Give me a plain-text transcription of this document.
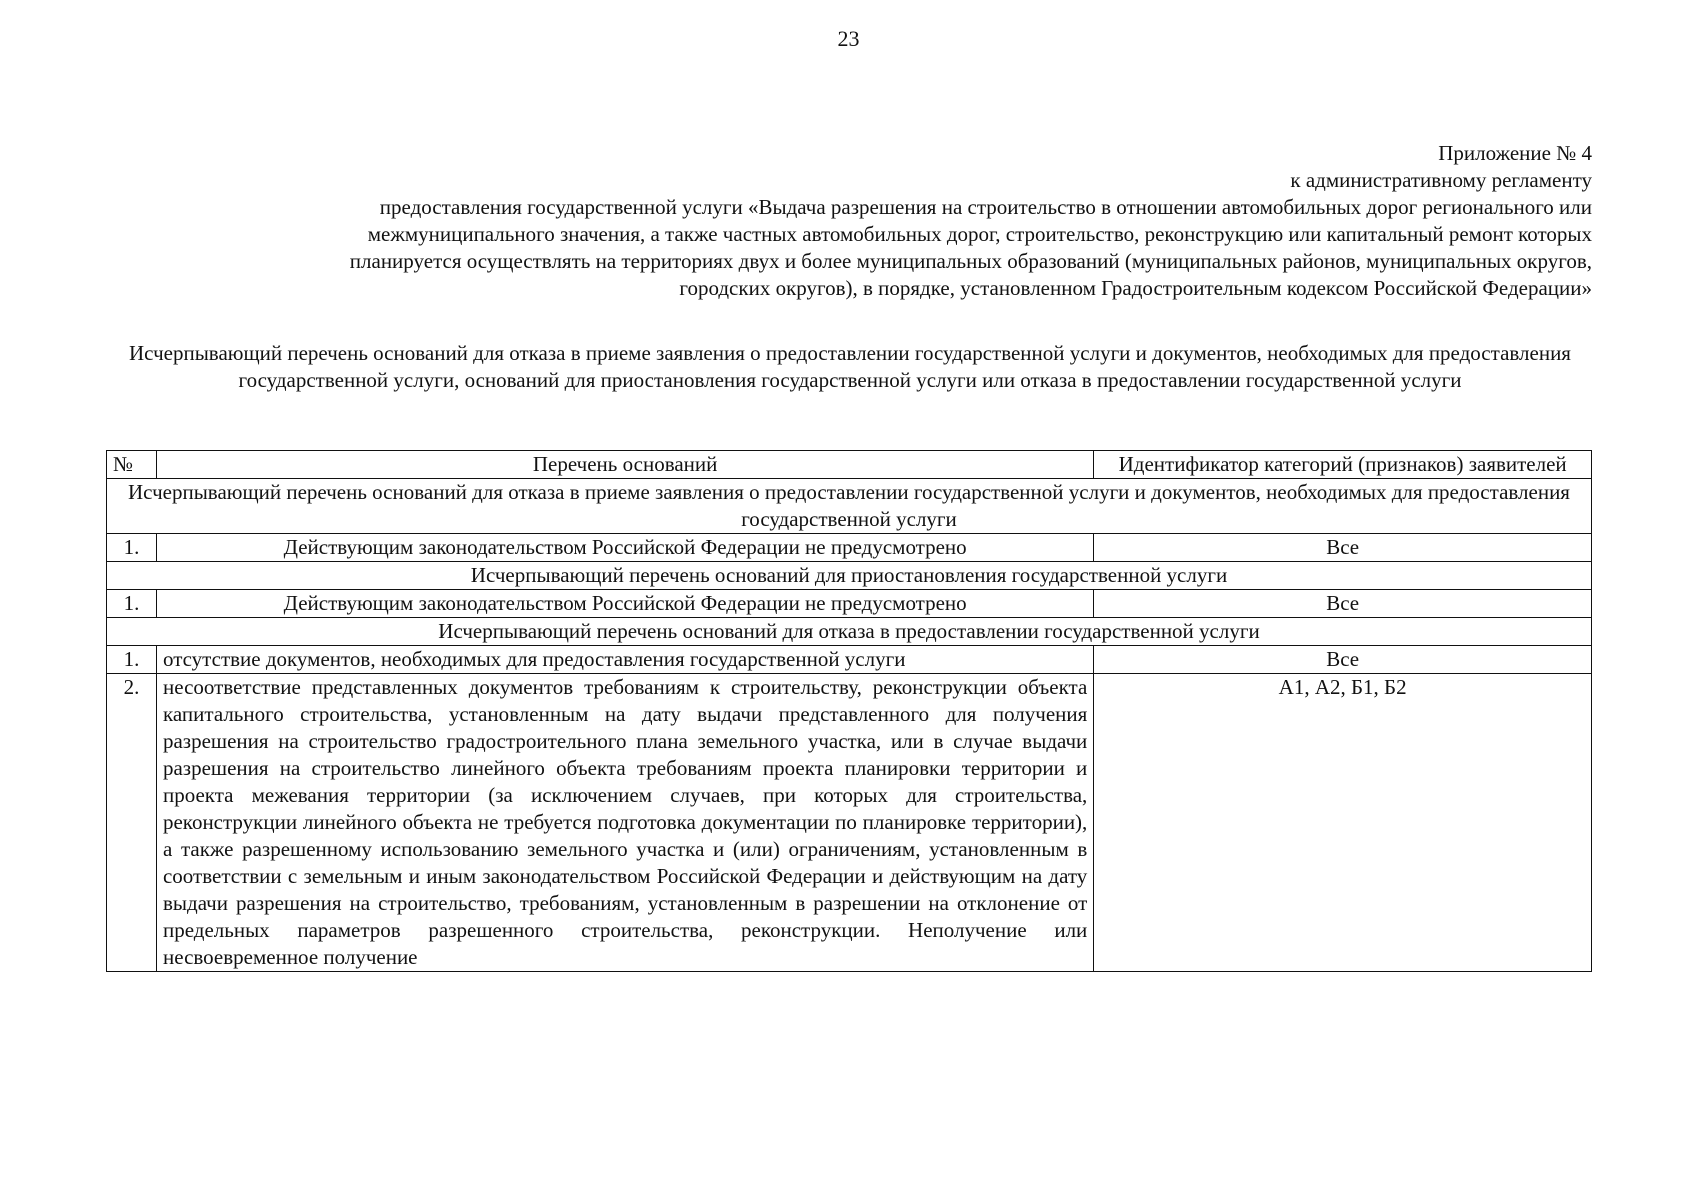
23
Приложение № 4
к административному регламенту
предоставления государственной услуги «Выдача разрешения на строительство в отношении автомобильных дорог регионального или
межмуниципального значения, а также частных автомобильных дорог, строительство, реконструкцию или капитальный ремонт которых
планируется осуществлять на территориях двух и более муниципальных образований (муниципальных районов, муниципальных округов,
городских округов), в порядке, установленном Градостроительным кодексом Российской Федерации»
Исчерпывающий перечень оснований для отказа в приеме заявления о предоставлении государственной услуги и документов, необходимых для предоставления государственной услуги, оснований для приостановления государственной услуги или отказа в предоставлении государственной услуги
№	Перечень оснований	Идентификатор категорий (признаков) заявителей
Исчерпывающий перечень оснований для отказа в приеме заявления о предоставлении государственной услуги и документов, необходимых для предоставления государственной услуги		
1.	Действующим законодательством Российской Федерации не предусмотрено	Все
Исчерпывающий перечень оснований для приостановления государственной услуги		
1.	Действующим законодательством Российской Федерации не предусмотрено	Все
Исчерпывающий перечень оснований для отказа в предоставлении государственной услуги		
1.	отсутствие документов, необходимых для предоставления государственной услуги	Все
2.	несоответствие представленных документов требованиям к строительству, реконструкции объекта капитального строительства, установленным на дату выдачи представленного для получения разрешения на строительство градостроительного плана земельного участка, или в случае выдачи разрешения на строительство линейного объекта требованиям проекта планировки территории и проекта межевания территории (за исключением случаев, при которых для строительства, реконструкции линейного объекта не требуется подготовка документации по планировке территории), а также разрешенному использованию земельного участка и (или) ограничениям, установленным в соответствии с земельным и иным законодательством Российской Федерации и действующим на дату выдачи разрешения на строительство, требованиям, установленным в разрешении на отклонение от предельных параметров разрешенного строительства, реконструкции. Неполучение или несвоевременное получение	А1, А2, Б1, Б2
